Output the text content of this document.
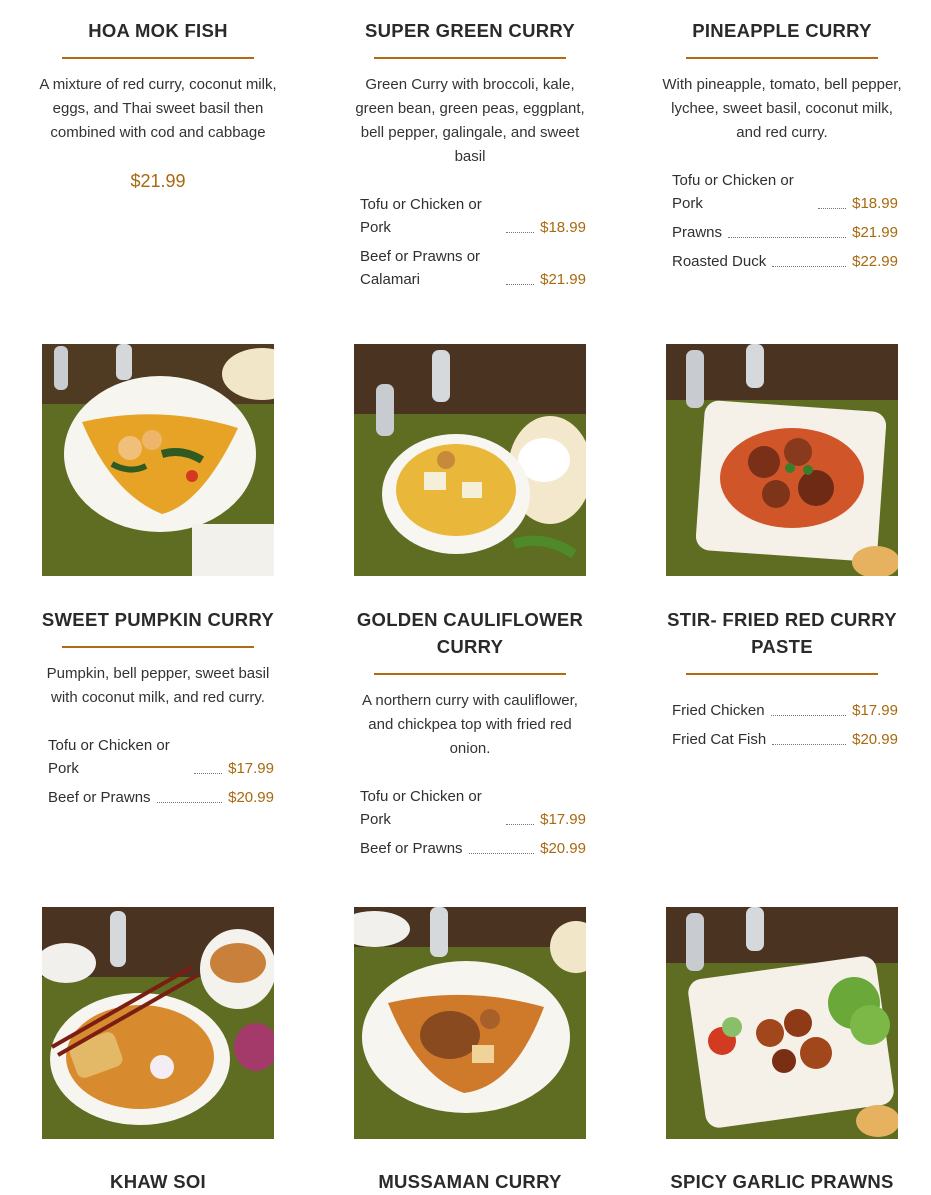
HOA MOK FISH

A mixture of red curry, coconut milk, eggs, and Thai sweet basil then combined with cod and cabbage

$21.99
SUPER GREEN CURRY

Green Curry with broccoli, kale, green bean, green peas, eggplant, bell pepper, galingale, and sweet basil

Tofu or Chicken or Pork	$18.99
Beef or Prawns or Calamari	$21.99
PINEAPPLE CURRY

With pineapple, tomato, bell pepper, lychee, sweet basil, coconut milk, and red curry.

Tofu or Chicken or Pork	$18.99
Prawns	$21.99
Roasted Duck	$22.99
SWEET PUMPKIN CURRY

Pumpkin, bell pepper, sweet basil with coconut milk, and red curry.

Tofu or Chicken or Pork	$17.99
Beef or Prawns	$20.99
GOLDEN CAULIFLOWER CURRY

A northern curry with cauliflower, and chickpea top with fried red onion.

Tofu or Chicken or Pork	$17.99
Beef or Prawns	$20.99
STIR- FRIED RED CURRY PASTE
Fried Chicken	$17.99
Fried Cat Fish	$20.99
KHAW SOI	MUSSAMAN CURRY	SPICY GARLIC PRAWNS
